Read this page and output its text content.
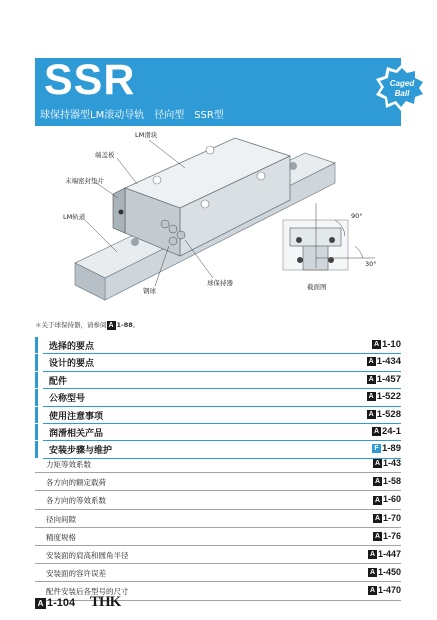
SSR
球保持器型LM滚动导轨　径向型　SSR型
Caged
Ball
®
LM滑块
端盖板
末端密封垫片
LM轨道
钢球
球保持器	截面图
90°
30°
＊关于球保持器，请参阅 A 1-88。
选择的要点	A 1-10
设计的要点	A 1-434
配件	A 1-457
公称型号	A 1-522
使用注意事项	A 1-528
润滑相关产品	A 24-1
安装步骤与维护	F 1-89
力矩等效系数	A 1-43
各方向的额定载荷	A 1-58
各方向的等效系数	A 1-60
径向间隙	A 1-70
精度规格	A 1-76
安装面的肩高和圆角半径	A 1-447
安装面的容许误差	A 1-450
配件安装后各型号的尺寸	A 1-470
A 1-104 THK
